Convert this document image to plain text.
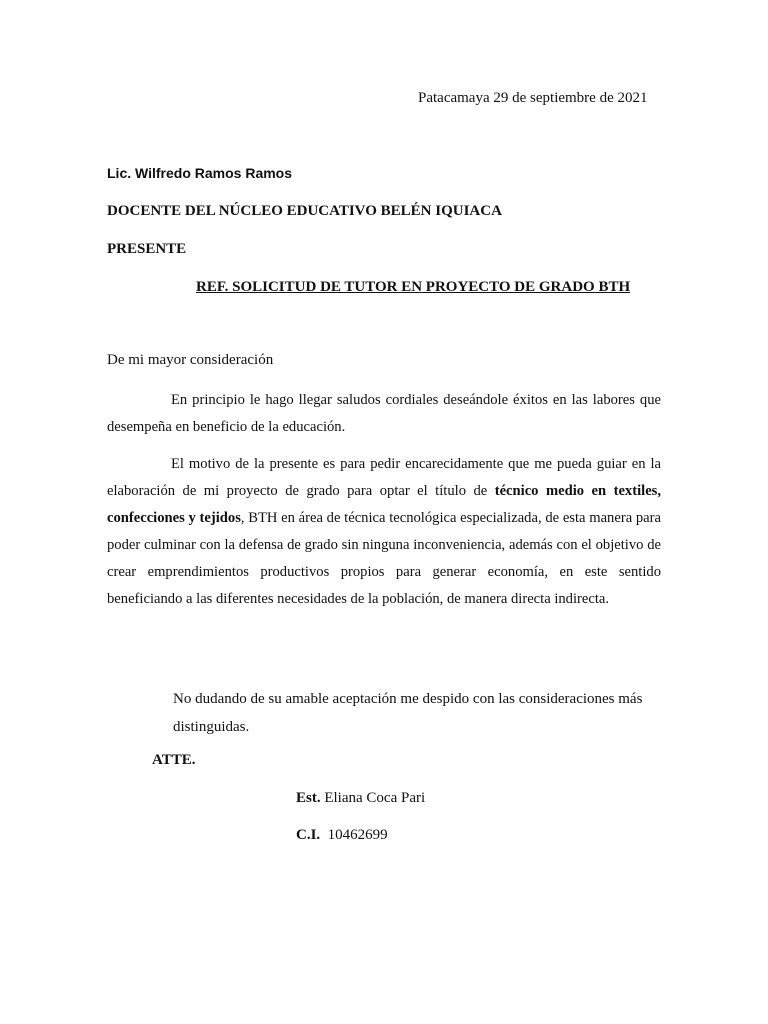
Patacamaya 29 de septiembre de 2021
Lic. Wilfredo Ramos Ramos
DOCENTE DEL NÚCLEO EDUCATIVO BELÉN IQUIACA
PRESENTE
REF. SOLICITUD DE TUTOR EN PROYECTO DE GRADO BTH
De mi mayor consideración
En principio le hago llegar saludos cordiales deseándole éxitos en las labores que desempeña en beneficio de la educación.
El motivo de la presente es para pedir encarecidamente que me pueda guiar en la elaboración de mi proyecto de grado para optar el título de técnico medio en textiles, confecciones y tejidos, BTH en área de técnica tecnológica especializada, de esta manera para poder culminar con la defensa de grado sin ninguna inconveniencia, además con el objetivo de crear emprendimientos productivos propios para generar economía, en este sentido beneficiando a las diferentes necesidades de la población, de manera directa indirecta.
No dudando de su amable aceptación me despido con las consideraciones más distinguidas.
ATTE.
Est. Eliana Coca Pari
C.I. 10462699
